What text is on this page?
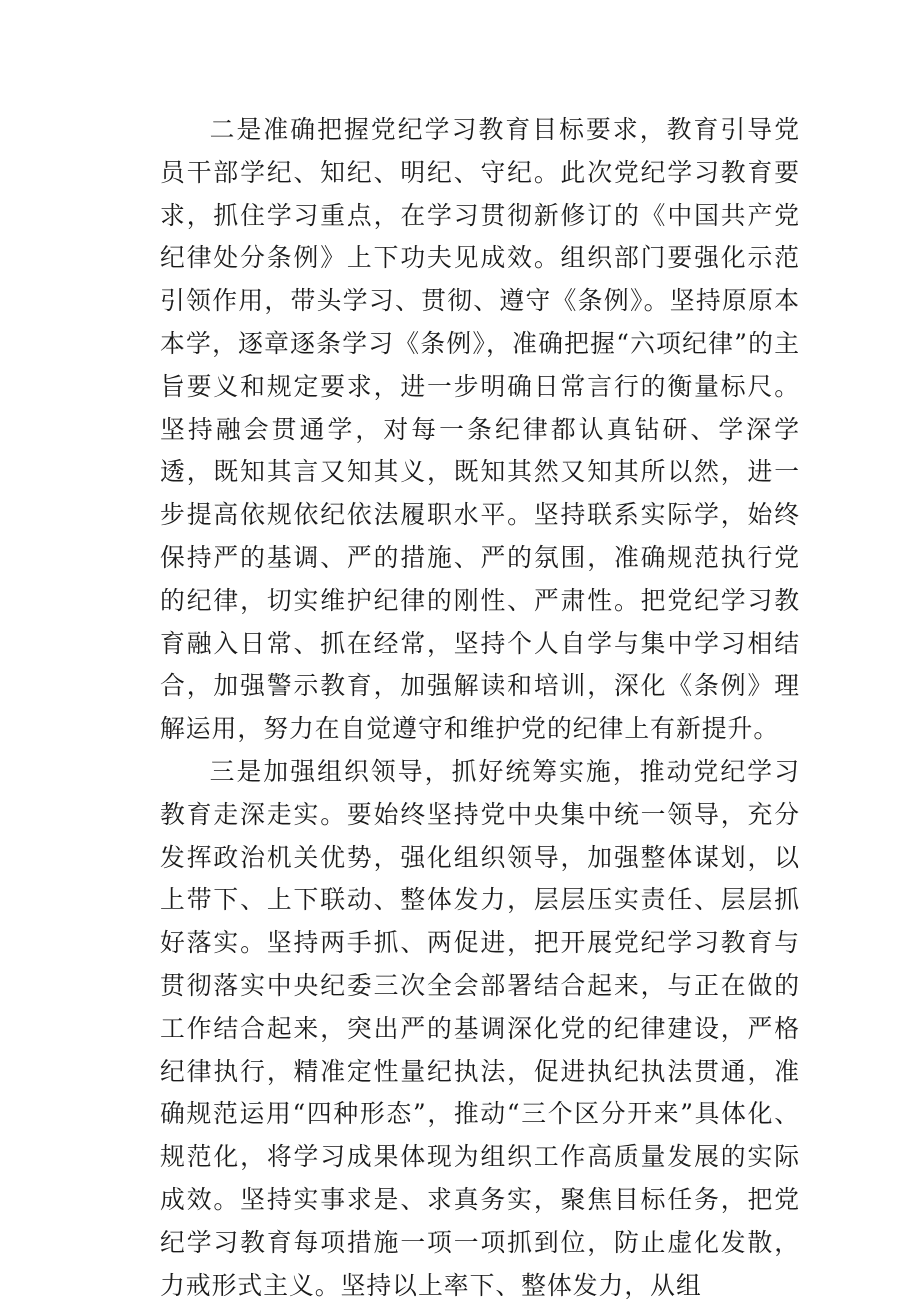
二是准确把握党纪学习教育目标要求，教育引导党员干部学纪、知纪、明纪、守纪。此次党纪学习教育要求，抓住学习重点，在学习贯彻新修订的《中国共产党纪律处分条例》上下功夫见成效。组织部门要强化示范引领作用，带头学习、贯彻、遵守《条例》。坚持原原本本学，逐章逐条学习《条例》，准确把握“六项纪律”的主旨要义和规定要求，进一步明确日常言行的衡量标尺。坚持融会贯通学，对每一条纪律都认真钻研、学深学透，既知其言又知其义，既知其然又知其所以然，进一步提高依规依纪依法履职水平。坚持联系实际学，始终保持严的基调、严的措施、严的氛围，准确规范执行党的纪律，切实维护纪律的刚性、严肃性。把党纪学习教育融入日常、抓在经常，坚持个人自学与集中学习相结合，加强警示教育，加强解读和培训，深化《条例》理解运用，努力在自觉遵守和维护党的纪律上有新提升。

三是加强组织领导，抓好统筹实施，推动党纪学习教育走深走实。要始终坚持党中央集中统一领导，充分发挥政治机关优势，强化组织领导，加强整体谋划，以上带下、上下联动、整体发力，层层压实责任、层层抓好落实。坚持两手抓、两促进，把开展党纪学习教育与贯彻落实中央纪委三次全会部署结合起来，与正在做的工作结合起来，突出严的基调深化党的纪律建设，严格纪律执行，精准定性量纪执法，促进执纪执法贯通，准确规范运用“四种形态”，推动“三个区分开来”具体化、规范化，将学习成果体现为组织工作高质量发展的实际成效。坚持实事求是、求真务实，聚焦目标任务，把党纪学习教育每项措施一项一项抓到位，防止虚化发散，力戒形式主义。坚持以上率下、整体发力，从组
